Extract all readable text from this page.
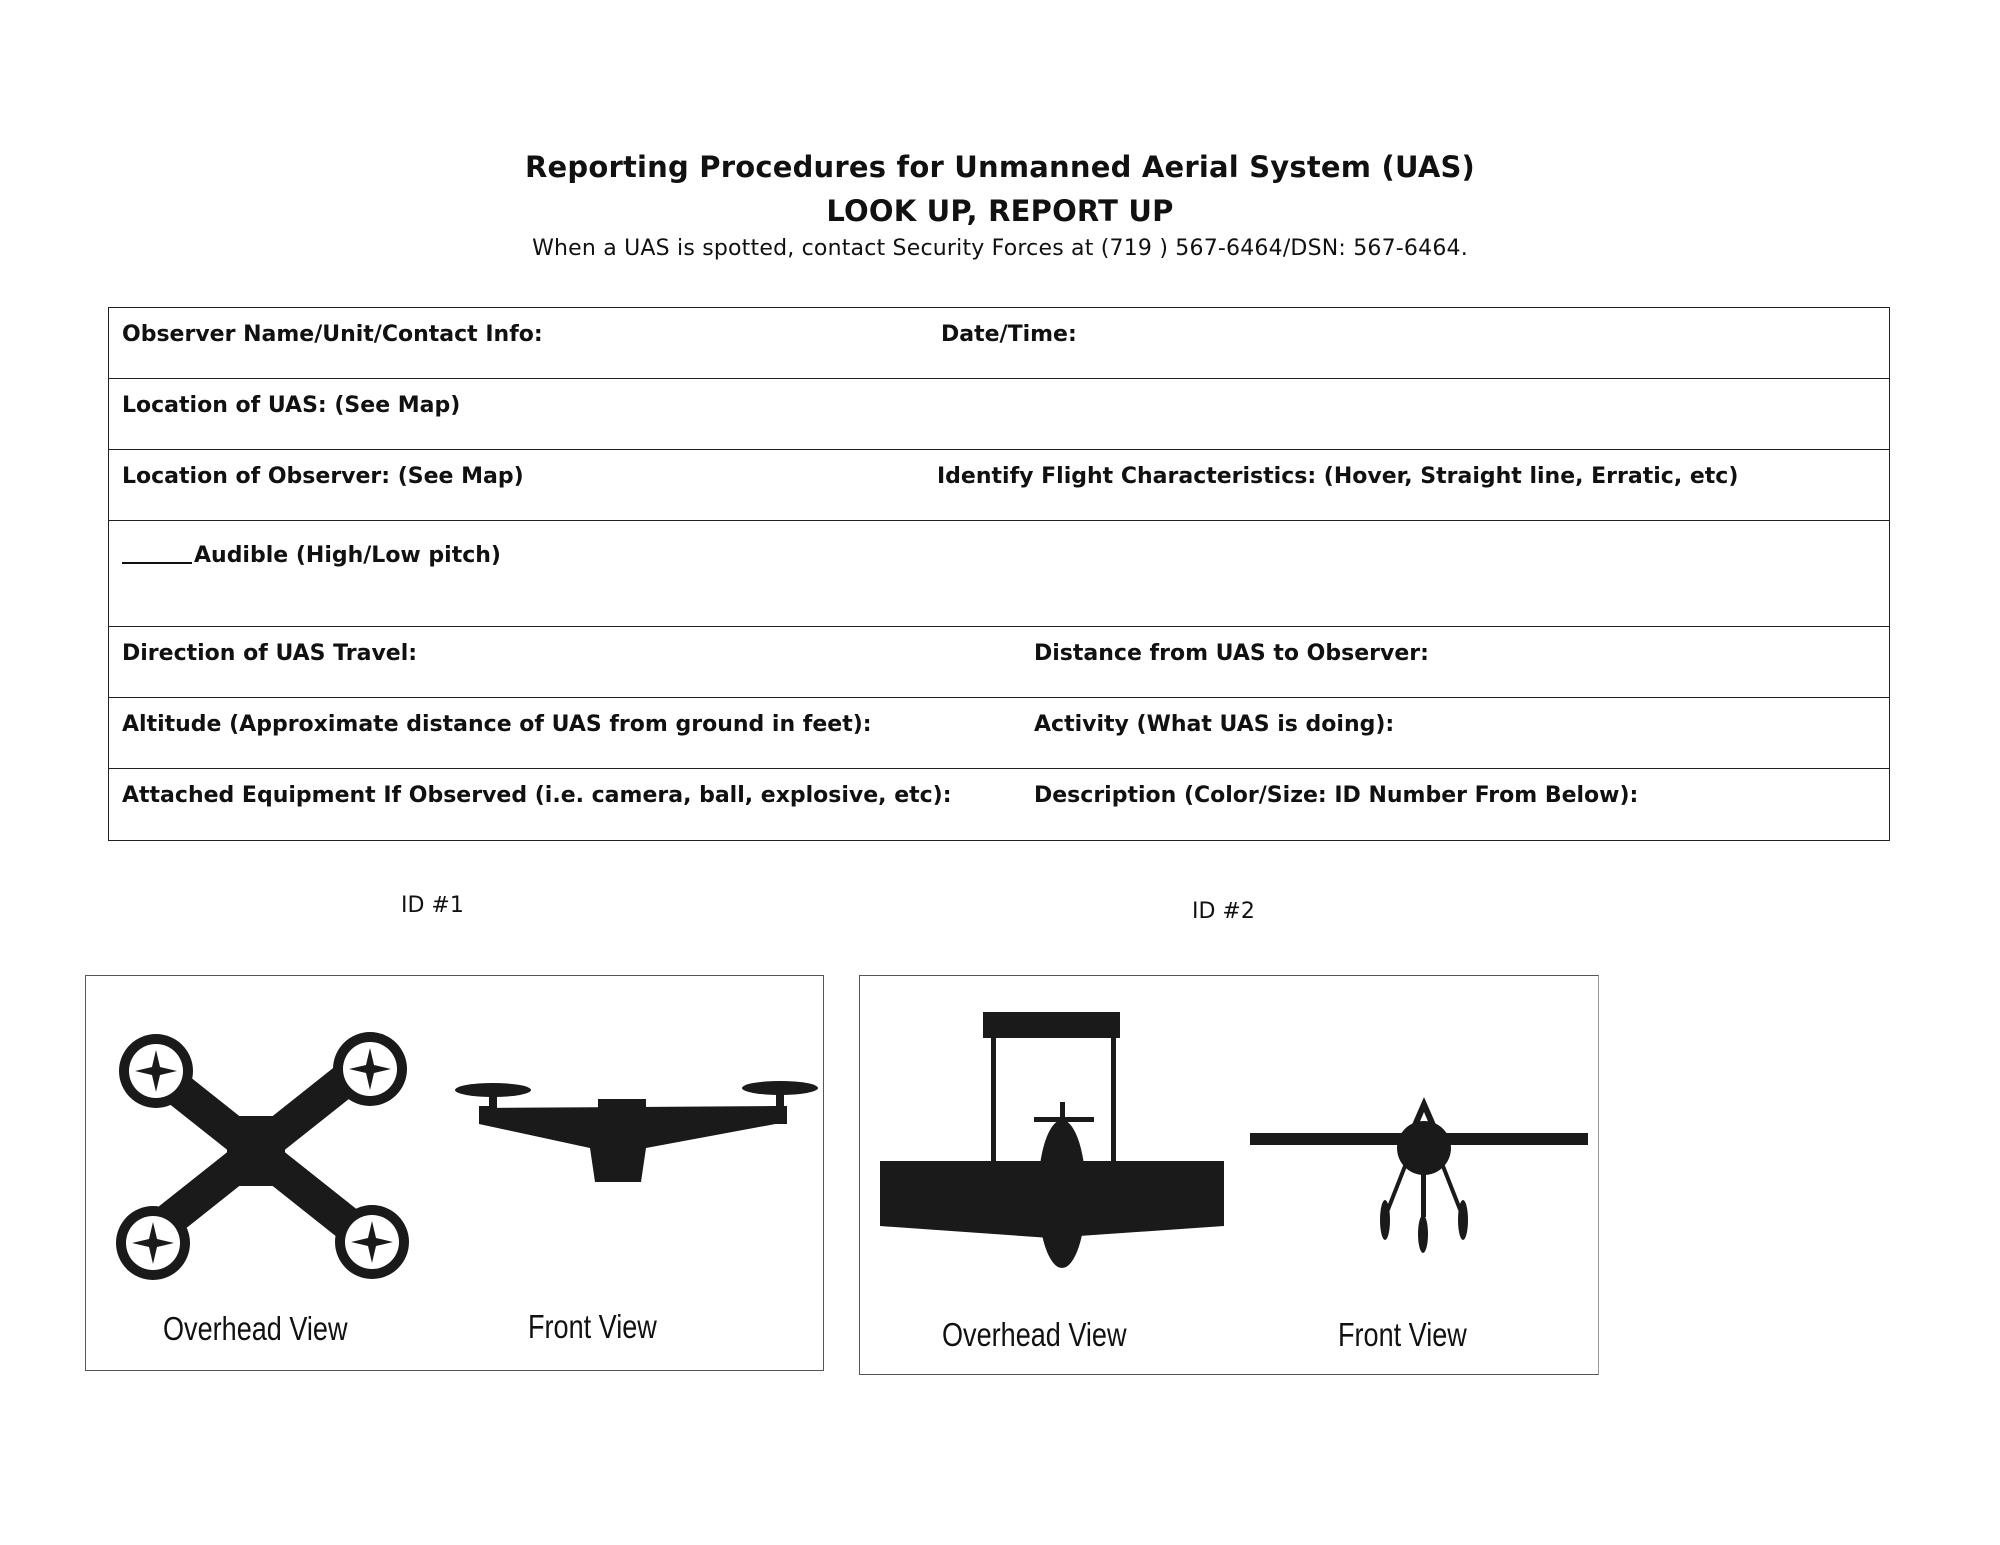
Reporting Procedures for Unmanned Aerial System (UAS)
LOOK UP, REPORT UP
When a UAS is spotted, contact Security Forces at (719 ) 567-6464/DSN: 567-6464.
Observer Name/Unit/Contact Info:	Date/Time:
Location of UAS: (See Map)
Location of Observer: (See Map)	Identify Flight Characteristics: (Hover, Straight line, Erratic, etc)
Audible (High/Low pitch)
Direction of UAS Travel:	Distance from UAS to Observer:
Altitude (Approximate distance of UAS from ground in feet):	Activity (What UAS is doing):
Attached Equipment If Observed (i.e. camera, ball, explosive, etc):	Description (Color/Size: ID Number From Below):
ID #1	ID #2
Overhead View	Front View	Overhead View	Front View
